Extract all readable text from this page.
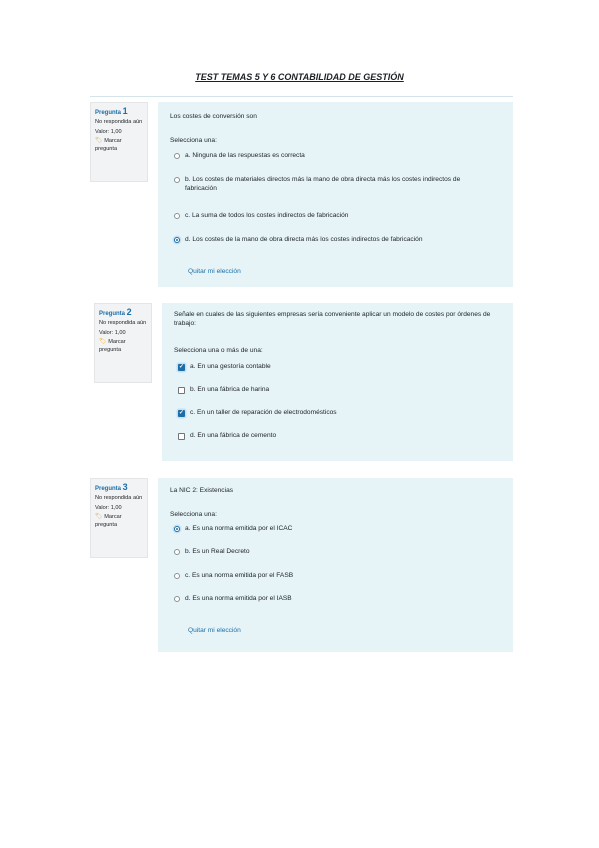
TEST TEMAS 5 Y 6 CONTABILIDAD DE GESTIÓN
Pregunta 1
No respondida aún
Valor: 1,00
🏷 Marcar pregunta
Los costes de conversión son
Selecciona una:
a. Ninguna de las respuestas es correcta
b. Los costes de materiales directos más la mano de obra directa más los costes indirectos de fabricación
c. La suma de todos los costes indirectos de fabricación
d. Los costes de la mano de obra directa más los costes indirectos de fabricación
Quitar mi elección
Pregunta 2
No respondida aún
Valor: 1,00
🏷 Marcar pregunta
Señale en cuales de las siguientes empresas sería conveniente aplicar un modelo de costes por órdenes de trabajo:
Selecciona una o más de una:
✓ a. En una gestoría contable
b. En una fábrica de harina
✓ c. En un taller de reparación de electrodomésticos
d. En una fábrica de cemento
Pregunta 3
No respondida aún
Valor: 1,00
🏷 Marcar pregunta
La NIC 2: Existencias
Selecciona una:
a. Es una norma emitida por el ICAC
b. Es un Real Decreto
c. Es una norma emitida por el FASB
d. Es una norma emitida por el IASB
Quitar mi elección
